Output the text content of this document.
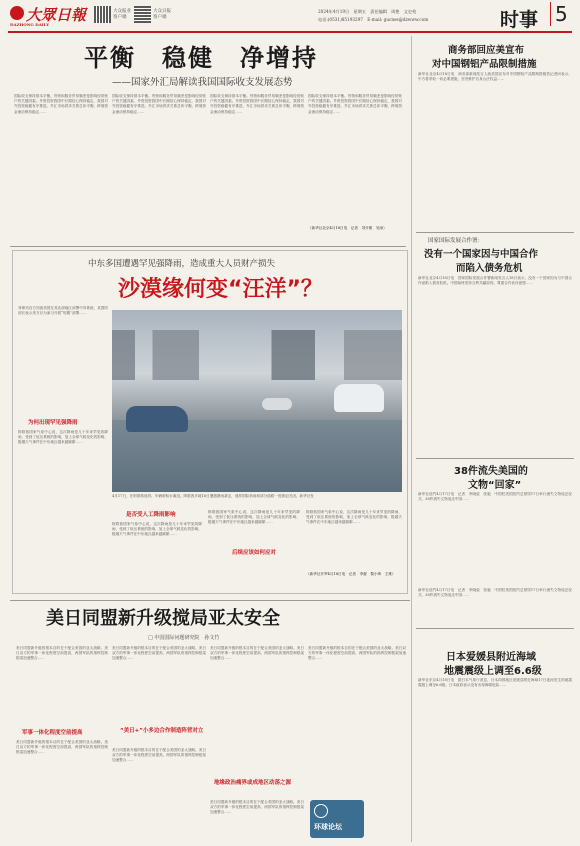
大眾日報
DAZHONG DAILY
大众报业
客户端
大众日报
客户端
2024年4月19日　星期五　责任编辑　周艳　文史苑
电话:(0531)85193297　E-mail: gucnes@dzwww.com	时事 5
平衡　稳健　净增持
——国家外汇局解读我国国际收支发展态势
国际收支保持基本平衡。货物和服务贸易顺差是影响经常账户的关键因素。外资投资我国中长期信心保持稳定，我国对外投资稳健有序推进。外汇市场供求关系总体平衡，跨境资金流动保持稳定……
国际收支保持基本平衡。货物和服务贸易顺差是影响经常账户的关键因素。外资投资我国中长期信心保持稳定，我国对外投资稳健有序推进。外汇市场供求关系总体平衡，跨境资金流动保持稳定……
国际收支保持基本平衡。货物和服务贸易顺差是影响经常账户的关键因素。外资投资我国中长期信心保持稳定，我国对外投资稳健有序推进。外汇市场供求关系总体平衡，跨境资金流动保持稳定……
国际收支保持基本平衡。货物和服务贸易顺差是影响经常账户的关键因素。外资投资我国中长期信心保持稳定，我国对外投资稳健有序推进。外汇市场供求关系总体平衡，跨境资金流动保持稳定……
（新华社北京4月18日电　记者　刘开雄　吴雨）
商务部回应美宣布
对中国钢铝产品限制措施
新华社北京4月18日电　商务部新闻发言人就美国宣布对中国钢铝产品限制措施答记者问表示，中方将采取一切必要措施，坚决维护自身合法权益……
国家国际发展合作署：
没有一个国家因与中国合作
而陷入债务危机
新华社北京4月18日电　国家国际发展合作署新闻发言人18日表示，没有一个国家因为与中国合作而陷入债务危机。中国始终坚持互利共赢原则，尊重合作伙伴意愿……
38件流失美国的
文物“回家”
新华社纽约4月17日电　记者　李晓骁　张毅　中国驻美国纽约总领馆17日举行流失文物返还仪式，38件流失文物返还中国……
新华社纽约4月17日电　记者　李晓骁　张毅　中国驻美国纽约总领馆17日举行流失文物返还仪式，38件流失文物返还中国……
日本爱媛县附近海域
地震震级上调至6.6级
新华社东京4月18日电　据日本气象厅消息，日本四国地区爱媛县附近海域17日夜间发生的地震震级上调至6.6级。日本政府表示没有出现海啸危险……
中东多国遭遇罕见强降雨，造成重大人员财产损失
沙漠缘何变“汪洋”？
菲律宾官方同意美国在其北部地区部署中导系统，其国防部长表示美方仅为演习开展“短期”部署……
为何出现罕见强降雨
阿联酋国家气象中心说，这次降雨是几十年来罕见的降雨，受到了低压系统的影响，加上全球气候变化的影响，极端天气事件在中东地区越来越频繁……
4月17日，在阿联酋迪拜，车辆被积水淹没。阿联酋多地16日遭遇暴雨袭击，迪拜国际机场和部分道路一度被迫关闭。新华社发
是否受人工降雨影响
阿联酋国家气象中心说，这次降雨是几十年来罕见的降雨，受到了低压系统的影响，加上全球气候变化的影响，极端天气事件在中东地区越来越频繁……
阿联酋国家气象中心说，这次降雨是几十年来罕见的降雨，受到了低压系统的影响，加上全球气候变化的影响，极端天气事件在中东地区越来越频繁……
后续应该如何应对
阿联酋国家气象中心说，这次降雨是几十年来罕见的降雨，受到了低压系统的影响，加上全球气候变化的影响，极端天气事件在中东地区越来越频繁……
（新华社开罗4月18日电　记者　李翟　黎小琦　王维）
美日同盟新升级搅局亚太安全
□ 中国国际问题研究院　孙文竹
美日同盟新升级的根本目的在于配合美国的亚太战略。美日双方的军事一体化程度空前提高，两国军队的指挥控制框架加速整合……
军事一体化程度空前提高
美日同盟新升级的根本目的在于配合美国的亚太战略。美日双方的军事一体化程度空前提高，两国军队的指挥控制框架加速整合……
美日同盟新升级的根本目的在于配合美国的亚太战略。美日双方的军事一体化程度空前提高，两国军队的指挥控制框架加速整合……
“美日+”小多边合作制造阵营对立
美日同盟新升级的根本目的在于配合美国的亚太战略。美日双方的军事一体化程度空前提高，两国军队的指挥控制框架加速整合……
美日同盟新升级的根本目的在于配合美国的亚太战略。美日双方的军事一体化程度空前提高，两国军队的指挥控制框架加速整合……
地缘政治痛界或成地区动荡之源
美日同盟新升级的根本目的在于配合美国的亚太战略。美日双方的军事一体化程度空前提高，两国军队的指挥控制框架加速整合……
美日同盟新升级的根本目的在于配合美国的亚太战略。美日双方的军事一体化程度空前提高，两国军队的指挥控制框架加速整合……
环球论坛
